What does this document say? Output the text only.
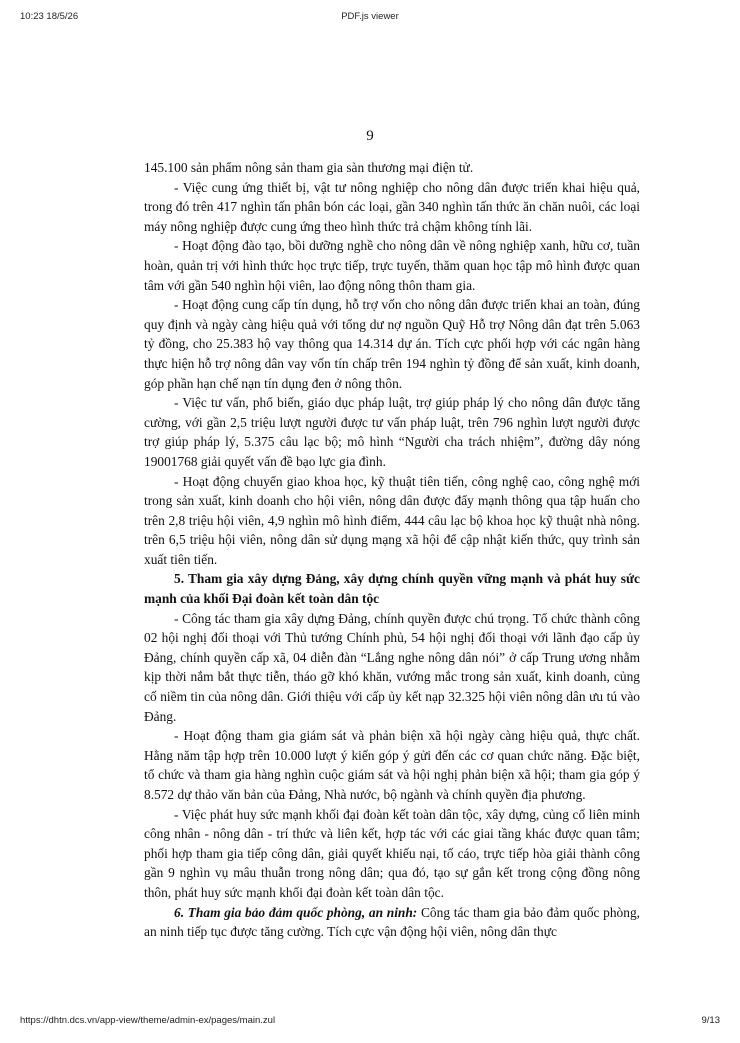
10:23 18/5/26	PDF.js viewer
9

145.100 sản phẩm nông sản tham gia sàn thương mại điện tử.

- Việc cung ứng thiết bị, vật tư nông nghiệp cho nông dân được triển khai hiệu quả, trong đó trên 417 nghìn tấn phân bón các loại, gần 340 nghìn tấn thức ăn chăn nuôi, các loại máy nông nghiệp được cung ứng theo hình thức trả chậm không tính lãi.

- Hoạt động đào tạo, bồi dưỡng nghề cho nông dân về nông nghiệp xanh, hữu cơ, tuần hoàn, quản trị với hình thức học trực tiếp, trực tuyến, thăm quan học tập mô hình được quan tâm với gần 540 nghìn hội viên, lao động nông thôn tham gia.

- Hoạt động cung cấp tín dụng, hỗ trợ vốn cho nông dân được triển khai an toàn, đúng quy định và ngày càng hiệu quả với tổng dư nợ nguồn Quỹ Hỗ trợ Nông dân đạt trên 5.063 tỷ đồng, cho 25.383 hộ vay thông qua 14.314 dự án. Tích cực phối hợp với các ngân hàng thực hiện hỗ trợ nông dân vay vốn tín chấp trên 194 nghìn tỷ đồng để sản xuất, kinh doanh, góp phần hạn chế nạn tín dụng đen ở nông thôn.

- Việc tư vấn, phổ biến, giáo dục pháp luật, trợ giúp pháp lý cho nông dân được tăng cường, với gần 2,5 triệu lượt người được tư vấn pháp luật, trên 796 nghìn lượt người được trợ giúp pháp lý, 5.375 câu lạc bộ; mô hình “Người cha trách nhiệm”, đường dây nóng 19001768 giải quyết vấn đề bạo lực gia đình.

- Hoạt động chuyển giao khoa học, kỹ thuật tiên tiến, công nghệ cao, công nghệ mới trong sản xuất, kinh doanh cho hội viên, nông dân được đẩy mạnh thông qua tập huấn cho trên 2,8 triệu hội viên, 4,9 nghìn mô hình điểm, 444 câu lạc bộ khoa học kỹ thuật nhà nông. trên 6,5 triệu hội viên, nông dân sử dụng mạng xã hội để cập nhật kiến thức, quy trình sản xuất tiên tiến.

5. Tham gia xây dựng Đảng, xây dựng chính quyền vững mạnh và phát huy sức mạnh của khối Đại đoàn kết toàn dân tộc

- Công tác tham gia xây dựng Đảng, chính quyền được chú trọng. Tổ chức thành công 02 hội nghị đối thoại với Thủ tướng Chính phủ, 54 hội nghị đối thoại với lãnh đạo cấp ủy Đảng, chính quyền cấp xã, 04 diễn đàn “Lắng nghe nông dân nói” ở cấp Trung ương nhằm kịp thời nắm bắt thực tiễn, tháo gỡ khó khăn, vướng mắc trong sản xuất, kinh doanh, củng cố niềm tin của nông dân. Giới thiệu với cấp ủy kết nạp 32.325 hội viên nông dân ưu tú vào Đảng.

- Hoạt động tham gia giám sát và phản biện xã hội ngày càng hiệu quả, thực chất. Hằng năm tập hợp trên 10.000 lượt ý kiến góp ý gửi đến các cơ quan chức năng. Đặc biệt, tổ chức và tham gia hàng nghìn cuộc giám sát và hội nghị phản biện xã hội; tham gia góp ý 8.572 dự thảo văn bản của Đảng, Nhà nước, bộ ngành và chính quyền địa phương.

- Việc phát huy sức mạnh khối đại đoàn kết toàn dân tộc, xây dựng, củng cố liên minh công nhân - nông dân - trí thức và liên kết, hợp tác với các giai tầng khác được quan tâm; phối hợp tham gia tiếp công dân, giải quyết khiếu nại, tố cáo, trực tiếp hòa giải thành công gần 9 nghìn vụ mâu thuẫn trong nông dân; qua đó, tạo sự gắn kết trong cộng đồng nông thôn, phát huy sức mạnh khối đại đoàn kết toàn dân tộc.

6. Tham gia bảo đảm quốc phòng, an ninh: Công tác tham gia bảo đảm quốc phòng, an ninh tiếp tục được tăng cường. Tích cực vận động hội viên, nông dân thực

https://dhtn.dcs.vn/app-view/theme/admin-ex/pages/main.zul	9/13
